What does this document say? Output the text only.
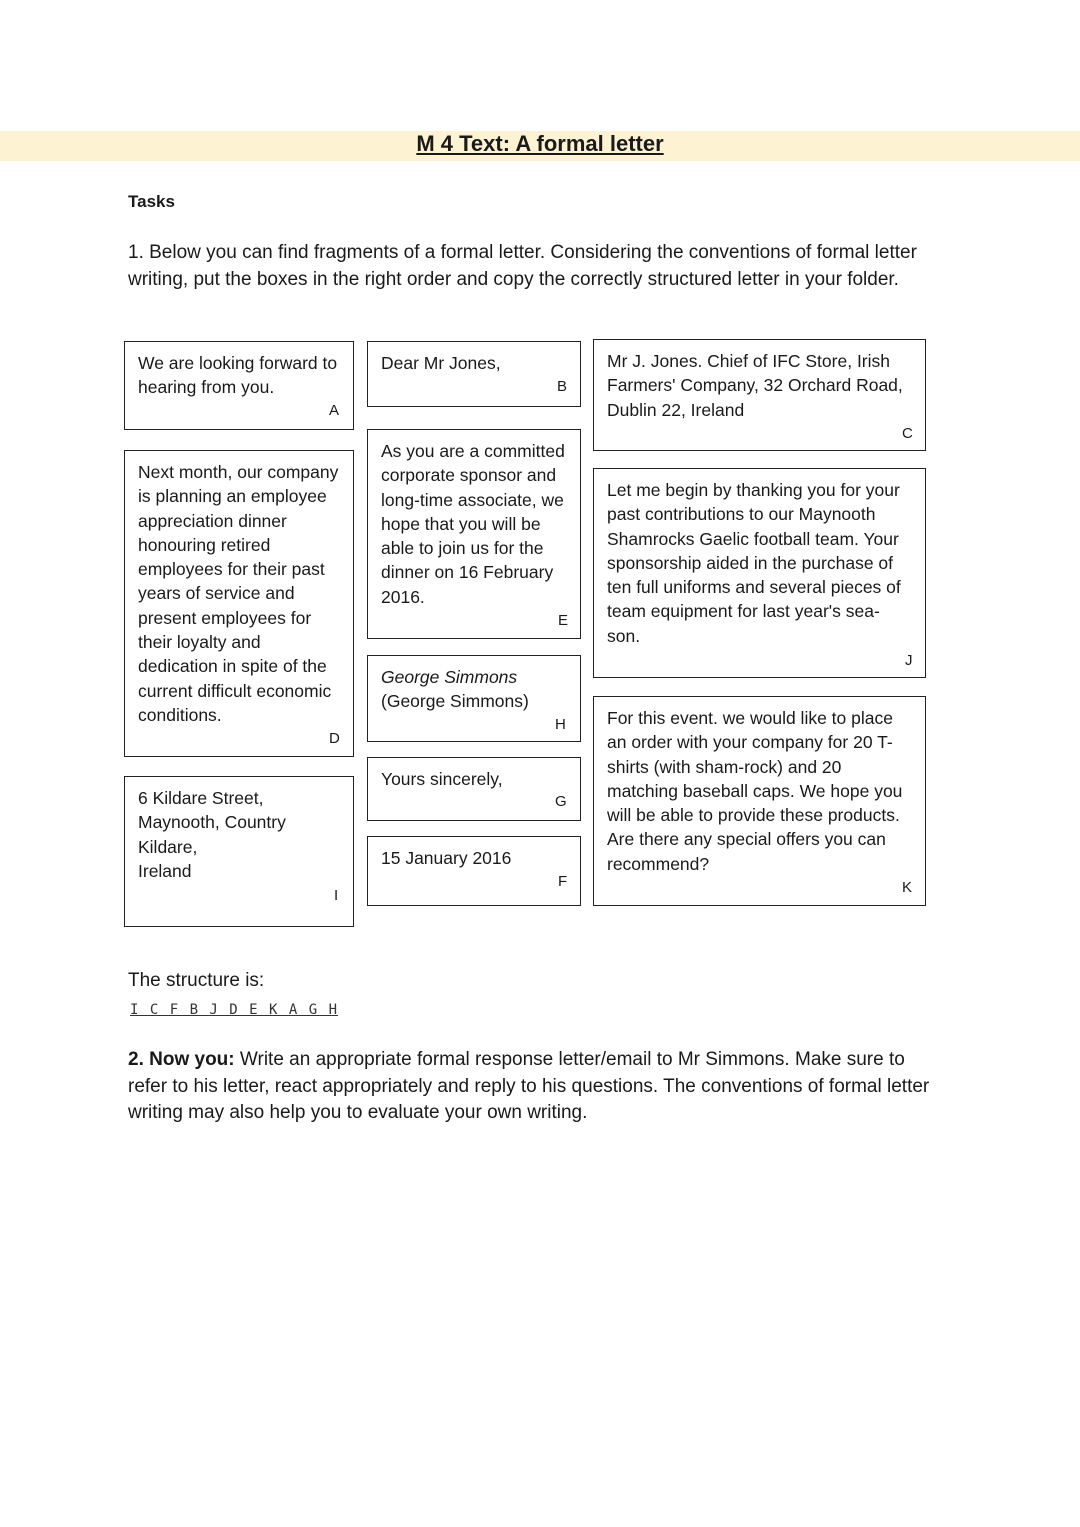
M 4 Text: A formal letter
Tasks
1. Below you can find fragments of a formal letter. Considering the conventions of formal letter writing, put the boxes in the right order and copy the correctly structured letter in your folder.
We are looking forward to hearing from you.
A
Dear Mr Jones,
B
Mr J. Jones. Chief of IFC Store, Irish Farmers' Company, 32 Orchard Road, Dublin 22, Ireland
C
Next month, our company is planning an employee appreciation dinner honouring retired employees for their past years of service and present employees for their loyalty and dedication in spite of the current difficult economic conditions.
D
As you are a committed corporate sponsor and long-time associate, we hope that you will be able to join us for the dinner on 16 February 2016.
E
Let me begin by thanking you for your past contributions to our Maynooth Shamrocks Gaelic football team. Your sponsorship aided in the purchase of ten full uniforms and several pieces of team equipment for last year's sea-son.
J
George Simmons
(George Simmons)
H For this event. we would like to place an order with your company for 20 T-shirts (with sham-rock) and 20 matching baseball caps. We hope you will be able to provide these products. Are there any special offers you can recommend?
K
Yours sincerely,
G
6 Kildare Street,
Maynooth, Country
Kildare,
Ireland
I
15 January 2016
F
The structure is:
I C F B J D E K A G H
2. Now you: Write an appropriate formal response letter/email to Mr Simmons. Make sure to refer to his letter, react appropriately and reply to his questions. The conventions of formal letter writing may also help you to evaluate your own writing.
